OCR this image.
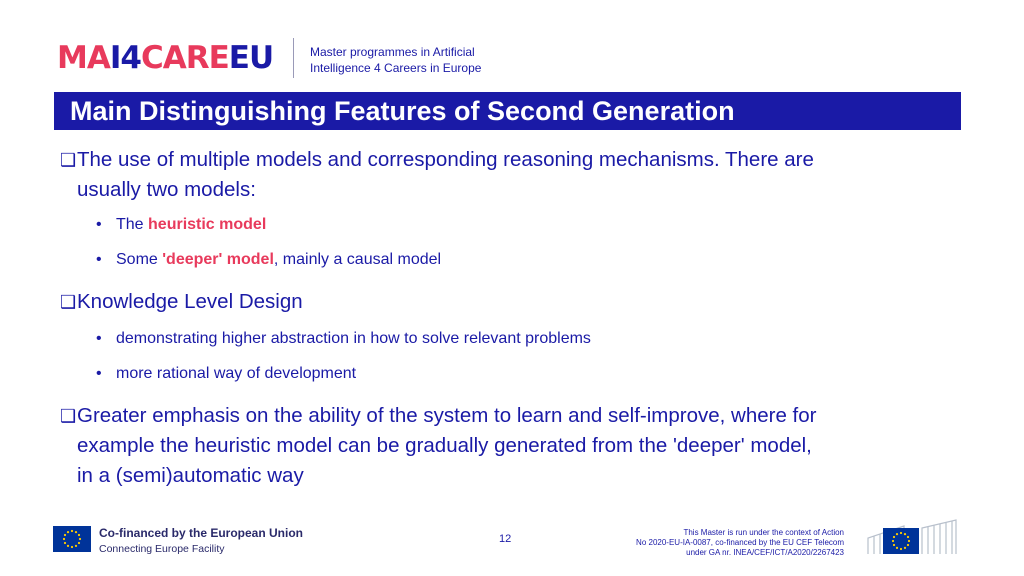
MA I4 CARE E U	Master programmes in Artificial
Intelligence 4 Careers in Europe
Main Distinguishing Features of Second Generation
❑ The use of multiple models and corresponding reasoning mechanisms. There are
usually two models:
• The heuristic model
• Some 'deeper' model, mainly a causal model
❑ Knowledge Level Design
• demonstrating higher abstraction in how to solve relevant problems
• more rational way of development
❑ Greater emphasis on the ability of the system to learn and self-improve, where for
example the heuristic model can be gradually generated from the 'deeper' model,
in a (semi)automatic way
Co-financed by the European Union
Connecting Europe Facility
12
This Master is run under the context of Action
No 2020-EU-IA-0087, co-financed by the EU CEF Telecom
under GA nr. INEA/CEF/ICT/A2020/2267423
